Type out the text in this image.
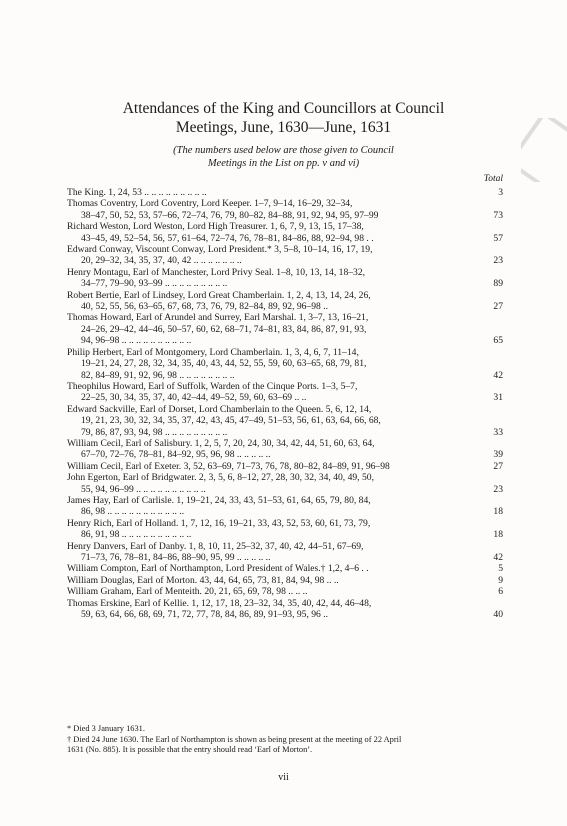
Attendances of the King and Councillors at Council
Meetings, June, 1630—June, 1631
(The numbers used below are those given to Council
Meetings in the List on pp. v and vi)
Total
The King. 1, 24, 53 .. .. .. .. .. .. .. .. ..	3
Thomas Coventry, Lord Coventry, Lord Keeper. 1–7, 9–14, 16–29, 32–34,
38–47, 50, 52, 53, 57–66, 72–74, 76, 79, 80–82, 84–88, 91, 92, 94, 95, 97–99	73
Richard Weston, Lord Weston, Lord High Treasurer. 1, 6, 7, 9, 13, 15, 17–38,
43–45, 49, 52–54, 56, 57, 61–64, 72–74, 76, 78–81, 84–86, 88, 92–94, 98 . .	57
Edward Conway, Viscount Conway, Lord President.* 3, 5–8, 10–14, 16, 17, 19,
20, 29–32, 34, 35, 37, 40, 42 .. .. .. .. .. .. ..	23
Henry Montagu, Earl of Manchester, Lord Privy Seal. 1–8, 10, 13, 14, 18–32,
34–77, 79–90, 93–99 .. .. .. .. .. .. .. .. ..	89
Robert Bertie, Earl of Lindsey, Lord Great Chamberlain. 1, 2, 4, 13, 14, 24, 26,
40, 52, 55, 56, 63–65, 67, 68, 73, 76, 79, 82–84, 89, 92, 96–98 ..	27
Thomas Howard, Earl of Arundel and Surrey, Earl Marshal. 1, 3–7, 13, 16–21,
24–26, 29–42, 44–46, 50–57, 60, 62, 68–71, 74–81, 83, 84, 86, 87, 91, 93,
94, 96–98 .. .. .. .. .. .. .. .. .. ..	65
Philip Herbert, Earl of Montgomery, Lord Chamberlain. 1, 3, 4, 6, 7, 11–14,
19–21, 24, 27, 28, 32, 34, 35, 40, 43, 44, 52, 55, 59, 60, 63–65, 68, 79, 81,
82, 84–89, 91, 92, 96, 98 .. .. .. .. .. .. .. ..	42
Theophilus Howard, Earl of Suffolk, Warden of the Cinque Ports. 1–3, 5–7,
22–25, 30, 34, 35, 37, 40, 42–44, 49–52, 59, 60, 63–69 .. ..	31
Edward Sackville, Earl of Dorset, Lord Chamberlain to the Queen. 5, 6, 12, 14,
19, 21, 23, 30, 32, 34, 35, 37, 42, 43, 45, 47–49, 51–53, 56, 61, 63, 64, 66, 68,
79, 86, 87, 93, 94, 98 .. .. .. .. .. .. .. .. ..	33
William Cecil, Earl of Salisbury. 1, 2, 5, 7, 20, 24, 30, 34, 42, 44, 51, 60, 63, 64,
67–70, 72–76, 78–81, 84–92, 95, 96, 98 .. .. .. .. ..	39
William Cecil, Earl of Exeter. 3, 52, 63–69, 71–73, 76, 78, 80–82, 84–89, 91, 96–98	27
John Egerton, Earl of Bridgwater. 2, 3, 5, 6, 8–12, 27, 28, 30, 32, 34, 40, 49, 50,
55, 94, 96–99 .. .. .. .. .. .. .. .. .. ..	23
James Hay, Earl of Carlisle. 1, 19–21, 24, 33, 43, 51–53, 61, 64, 65, 79, 80, 84,
86, 98 .. .. .. .. .. .. .. .. .. .. ..	18
Henry Rich, Earl of Holland. 1, 7, 12, 16, 19–21, 33, 43, 52, 53, 60, 61, 73, 79,
86, 91, 98 .. .. .. .. .. .. .. .. .. ..	18
Henry Danvers, Earl of Danby. 1, 8, 10, 11, 25–32, 37, 40, 42, 44–51, 67–69,
71–73, 76, 78–81, 84–86, 88–90, 95, 99 .. .. .. .. ..	42
William Compton, Earl of Northampton, Lord President of Wales.† 1,2, 4–6 . .	5
William Douglas, Earl of Morton. 43, 44, 64, 65, 73, 81, 84, 94, 98 .. ..	9
William Graham, Earl of Menteith. 20, 21, 65, 69, 78, 98 .. .. ..	6
Thomas Erskine, Earl of Kellie. 1, 12, 17, 18, 23–32, 34, 35, 40, 42, 44, 46–48,
59, 63, 64, 66, 68, 69, 71, 72, 77, 78, 84, 86, 89, 91–93, 95, 96 ..	40
* Died 3 January 1631.
† Died 24 June 1630. The Earl of Northampton is shown as being present at the meeting of 22 April
1631 (No. 885). It is possible that the entry should read ‘Earl of Morton’.
vii
